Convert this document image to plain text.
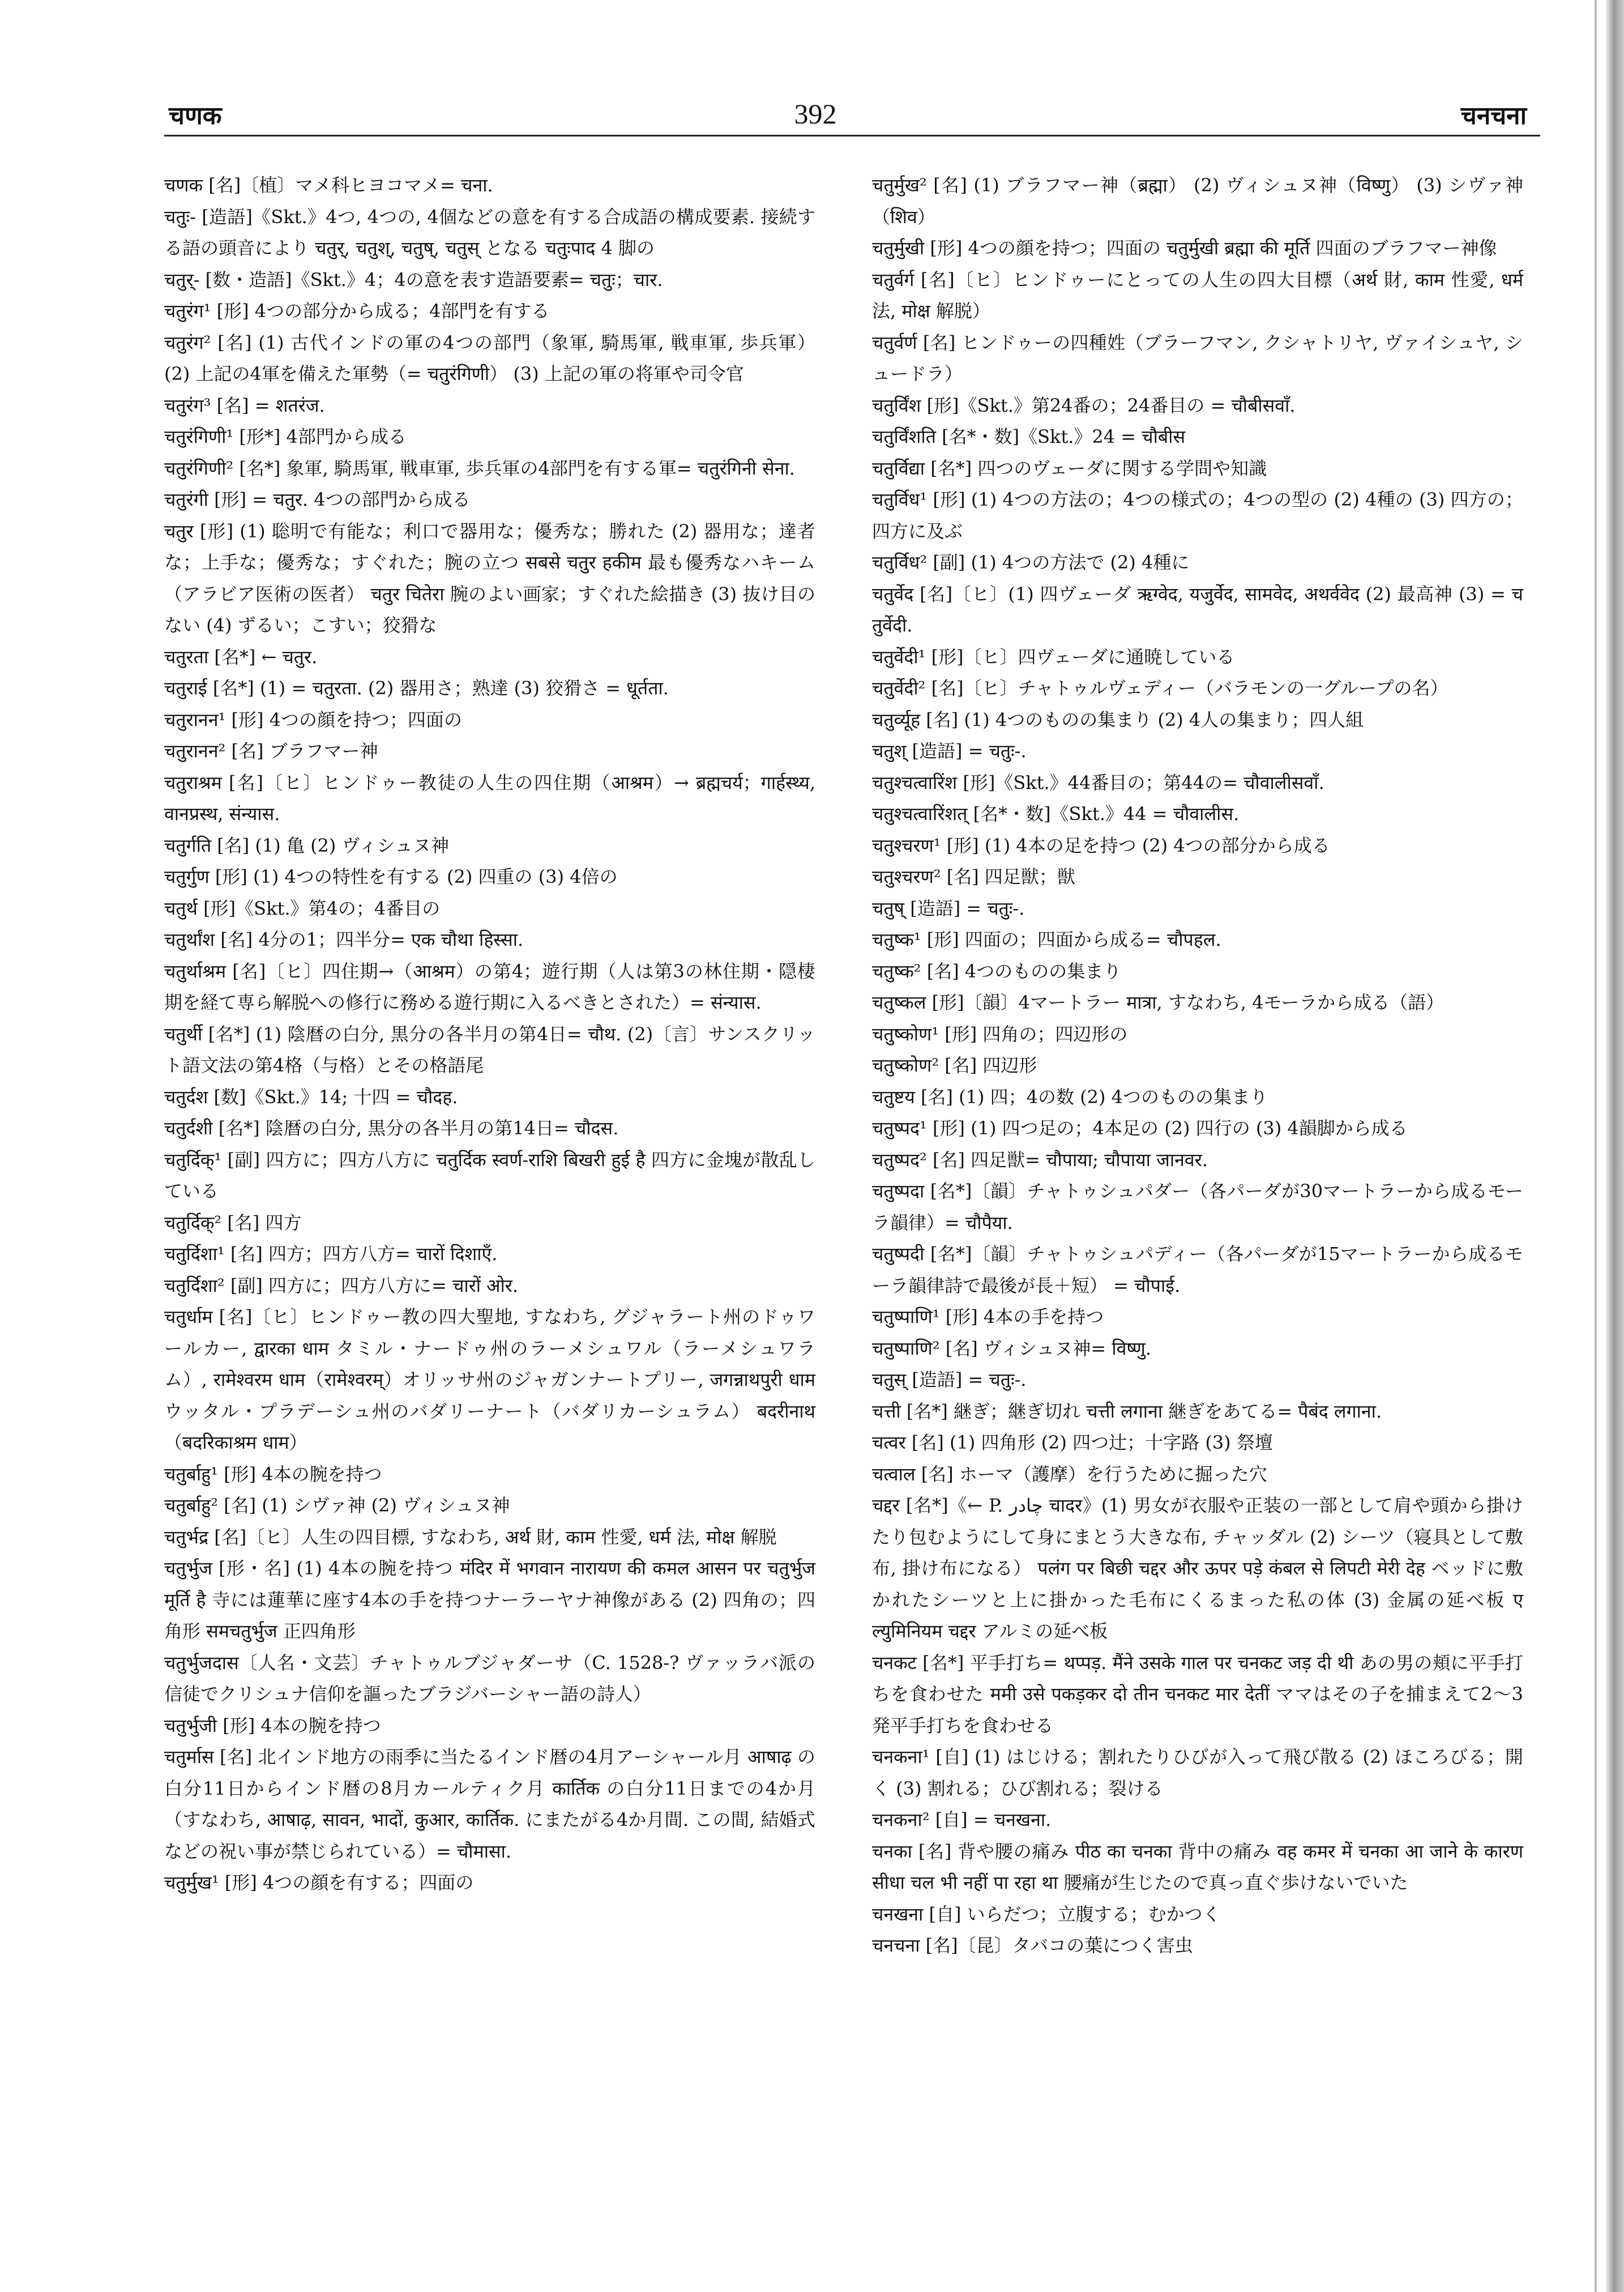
चणक	392	चनचना

चणक [名]〔植〕マメ科ヒヨコマメ= चना.

चतुः- [造語]《Skt.》4つ, 4つの, 4個などの意を有する合成語の構成要素. 接続する語の頭音により चतुर्, चतुश्, चतुष्, चतुस् となる चतुःपाद 4 脚の

चतुर्- [数・造語]《Skt.》4；4の意を表す造語要素= चतुः；चार.

चतुरंग¹ [形] 4つの部分から成る；4部門を有する

चतुरंग² [名] (1) 古代インドの軍の4つの部門（象軍, 騎馬軍, 戦車軍, 歩兵軍） (2) 上記の4軍を備えた軍勢（= चतुरंगिणी） (3) 上記の軍の将軍や司令官

चतुरंग³ [名] = शतरंज.

चतुरंगिणी¹ [形*] 4部門から成る

चतुरंगिणी² [名*] 象軍, 騎馬軍, 戦車軍, 歩兵軍の4部門を有する軍= चतुरंगिनी सेना.

चतुरंगी [形] = चतुर. 4つの部門から成る

चतुर [形] (1) 聡明で有能な；利口で器用な；優秀な；勝れた (2) 器用な；達者な；上手な；優秀な；すぐれた；腕の立つ सबसे चतुर हकीम 最も優秀なハキーム（アラビア医術の医者） चतुर चितेरा 腕のよい画家；すぐれた絵描き (3) 抜け目のない (4) ずるい；こすい；狡猾な

चतुरता [名*] ← चतुर.

चतुराई [名*] (1) = चतुरता. (2) 器用さ；熟達 (3) 狡猾さ = धूर्तता.

चतुरानन¹ [形] 4つの顔を持つ；四面の

चतुरानन² [名] ブラフマー神

चतुराश्रम [名]〔ヒ〕ヒンドゥー教徒の人生の四住期（आश्रम）→ ब्रह्मचर्य；गार्हस्थ्य, वानप्रस्थ, संन्यास.

चतुर्गति [名] (1) 亀 (2) ヴィシュヌ神

चतुर्गुण [形] (1) 4つの特性を有する (2) 四重の (3) 4倍の

चतुर्थ [形]《Skt.》第4の；4番目の

चतुर्थांश [名] 4分の1；四半分= एक चौथा हिस्सा.

चतुर्थाश्रम [名]〔ヒ〕四住期→（आश्रम）の第4；遊行期（人は第3の林住期・隠棲期を経て専ら解脱への修行に務める遊行期に入るべきとされた）= संन्यास.

चतुर्थी [名*] (1) 陰暦の白分, 黒分の各半月の第4日= चौथ. (2)〔言〕サンスクリット語文法の第4格（与格）とその格語尾

चतुर्दश [数]《Skt.》14; 十四 = चौदह.

चतुर्दशी [名*] 陰暦の白分, 黒分の各半月の第14日= चौदस.

चतुर्दिक्¹ [副] 四方に；四方八方に चतुर्दिक स्वर्ण-राशि बिखरी हुई है 四方に金塊が散乱している

चतुर्दिक्² [名] 四方

चतुर्दिशा¹ [名] 四方；四方八方= चारों दिशाएँ.

चतुर्दिशा² [副] 四方に；四方八方に= चारों ओर.

चतुर्धाम [名]〔ヒ〕ヒンドゥー教の四大聖地, すなわち, グジャラート州のドゥワールカー, द्वारका धाम タミル・ナードゥ州のラーメシュワル（ラーメシュワラム）, रामेश्वरम धाम（रामेश्वरम्）オリッサ州のジャガンナートプリー, जगन्नाथपुरी धाम ウッタル・プラデーシュ州のバダリーナート（バダリカーシュラム） बदरीनाथ（बदरिकाश्रम धाम）

चतुर्बाहु¹ [形] 4本の腕を持つ

चतुर्बाहु² [名] (1) シヴァ神 (2) ヴィシュヌ神

चतुर्भद्र [名]〔ヒ〕人生の四目標, すなわち, अर्थ 財, काम 性愛, धर्म 法, मोक्ष 解脱

चतुर्भुज [形・名] (1) 4本の腕を持つ मंदिर में भगवान नारायण की कमल आसन पर चतुर्भुज मूर्ति है 寺には蓮華に座す4本の手を持つナーラーヤナ神像がある (2) 四角の；四角形 समचतुर्भुज 正四角形

चतुर्भुजदास〔人名・文芸〕チャトゥルブジャダーサ（C. 1528-? ヴァッラバ派の信徒でクリシュナ信仰を謳ったブラジバーシャー語の詩人）

चतुर्भुजी [形] 4本の腕を持つ

चतुर्मास [名] 北インド地方の雨季に当たるインド暦の4月アーシャール月 आषाढ़ の白分11日からインド暦の8月カールティク月 कार्तिक の白分11日までの4か月（すなわち, आषाढ़, सावन, भादों, कुआर, कार्तिक. にまたがる4か月間. この間, 結婚式などの祝い事が禁じられている）= चौमासा.

चतुर्मुख¹ [形] 4つの顔を有する；四面の

चतुर्मुख² [名] (1) ブラフマー神（ब्रह्मा） (2) ヴィシュヌ神（विष्णु） (3) シヴァ神（शिव）

चतुर्मुखी [形] 4つの顔を持つ；四面の चतुर्मुखी ब्रह्मा की मूर्ति 四面のブラフマー神像

चतुर्वर्ग [名]〔ヒ〕ヒンドゥーにとっての人生の四大目標（अर्थ 財, काम 性愛, धर्म 法, मोक्ष 解脱）

चतुर्वर्ण [名] ヒンドゥーの四種姓（ブラーフマン, クシャトリヤ, ヴァイシュヤ, シュードラ）

चतुर्विंश [形]《Skt.》第24番の；24番目の = चौबीसवाँ.

चतुर्विंशति [名*・数]《Skt.》24 = चौबीस

चतुर्विद्या [名*] 四つのヴェーダに関する学問や知識

चतुर्विध¹ [形] (1) 4つの方法の；4つの様式の；4つの型の (2) 4種の (3) 四方の；四方に及ぶ

चतुर्विध² [副] (1) 4つの方法で (2) 4種に

चतुर्वेद [名]〔ヒ〕(1) 四ヴェーダ ऋग्वेद, यजुर्वेद, सामवेद, अथर्ववेद (2) 最高神 (3) = चतुर्वेदी.

चतुर्वेदी¹ [形]〔ヒ〕四ヴェーダに通暁している

चतुर्वेदी² [名]〔ヒ〕チャトゥルヴェディー（バラモンの一グループの名）

चतुर्व्यूह [名] (1) 4つのものの集まり (2) 4人の集まり；四人組

चतुश् [造語] = चतुः-.

चतुश्चत्वारिंश [形]《Skt.》44番目の；第44の= चौवालीसवाँ.

चतुश्चत्वारिंशत् [名*・数]《Skt.》44 = चौवालीस.

चतुश्चरण¹ [形] (1) 4本の足を持つ (2) 4つの部分から成る

चतुश्चरण² [名] 四足獣；獣

चतुष् [造語] = चतुः-.

चतुष्क¹ [形] 四面の；四面から成る= चौपहल.

चतुष्क² [名] 4つのものの集まり

चतुष्कल [形]〔韻〕4マートラー मात्रा, すなわち, 4モーラから成る（語）

चतुष्कोण¹ [形] 四角の；四辺形の

चतुष्कोण² [名] 四辺形

चतुष्टय [名] (1) 四；4の数 (2) 4つのものの集まり

चतुष्पद¹ [形] (1) 四つ足の；4本足の (2) 四行の (3) 4韻脚から成る

चतुष्पद² [名] 四足獣= चौपाया; चौपाया जानवर.

चतुष्पदा [名*]〔韻〕チャトゥシュパダー（各パーダが30マートラーから成るモーラ韻律）= चौपैया.

चतुष्पदी [名*]〔韻〕チャトゥシュパディー（各パーダが15マートラーから成るモーラ韻律詩で最後が長＋短） = चौपाई.

चतुष्पाणि¹ [形] 4本の手を持つ

चतुष्पाणि² [名] ヴィシュヌ神= विष्णु.

चतुस् [造語] = चतुः-.

चत्ती [名*] 継ぎ；継ぎ切れ चत्ती लगाना 継ぎをあてる= पैबंद लगाना.

चत्वर [名] (1) 四角形 (2) 四つ辻；十字路 (3) 祭壇

चत्वाल [名] ホーマ（護摩）を行うために掘った穴

चद्दर [名*]《← P. چادر चादर》(1) 男女が衣服や正装の一部として肩や頭から掛けたり包むようにして身にまとう大きな布, チャッダル (2) シーツ（寝具として敷布, 掛け布になる） पलंग पर बिछी चद्दर और ऊपर पड़े कंबल से लिपटी मेरी देह ベッドに敷かれたシーツと上に掛かった毛布にくるまった私の体 (3) 金属の延べ板 एल्युमिनियम चद्दर アルミの延べ板

चनकट [名*] 平手打ち= थप्पड़. मैंने उसके गाल पर चनकट जड़ दी थी あの男の頬に平手打ちを食わせた ममी उसे पकड़कर दो तीन चनकट मार देतीं ママはその子を捕まえて2〜3発平手打ちを食わせる

चनकना¹ [自] (1) はじける；割れたりひびが入って飛び散る (2) ほころびる；開く (3) 割れる；ひび割れる；裂ける

चनकना² [自] = चनखना.

चनका [名] 背や腰の痛み पीठ का चनका 背中の痛み वह कमर में चनका आ जाने के कारण सीधा चल भी नहीं पा रहा था 腰痛が生じたので真っ直ぐ歩けないでいた

चनखना [自] いらだつ；立腹する；むかつく

चनचना [名]〔昆〕タバコの葉につく害虫
